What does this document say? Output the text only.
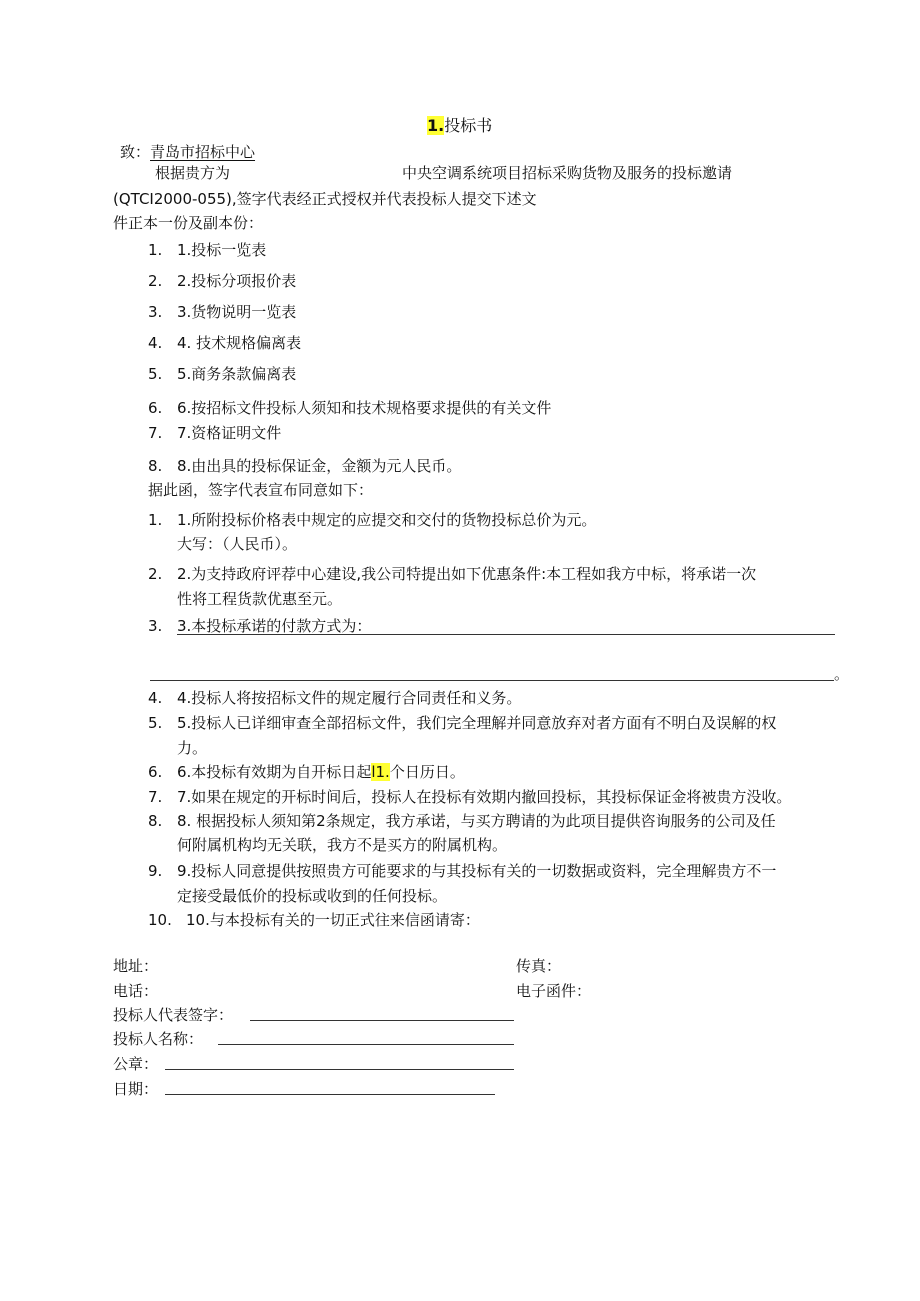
1.投标书
致：青岛市招标中心
根据贵方为	中央空调系统项目招标采购货物及服务的投标邀请
(QTCI2000-055),签字代表经正式授权并代表投标人提交下述文
件正本一份及副本份：
1. 1.投标一览表
2. 2.投标分项报价表
3. 3.货物说明一览表
4. 4. 技术规格偏离表
5. 5.商务条款偏离表
6. 6.按招标文件投标人须知和技术规格要求提供的有关文件
7. 7.资格证明文件
8. 8.由出具的投标保证金，金额为元人民币。
据此函，签字代表宣布同意如下：
1. 1.所附投标价格表中规定的应提交和交付的货物投标总价为元。
大写：（人民币）。
2. 2.为支持政府评荐中心建设,我公司特提出如下优惠条件:本工程如我方中标，将承诺一次
性将工程货款优惠至元。
3. 3.本投标承诺的付款方式为：
。
4. 4.投标人将按招标文件的规定履行合同责任和义务。
5. 5.投标人已详细审查全部招标文件，我们完全理解并同意放弃对者方面有不明白及误解的权
力。
6. 6.本投标有效期为自开标日起l1.个日历日。
7. 7.如果在规定的开标时间后，投标人在投标有效期内撤回投标，其投标保证金将被贵方没收。
8. 8. 根据投标人须知第2条规定，我方承诺，与买方聘请的为此项目提供咨询服务的公司及任
何附属机构均无关联，我方不是买方的附属机构。
9. 9.投标人同意提供按照贵方可能要求的与其投标有关的一切数据或资料，完全理解贵方不一
定接受最低价的投标或收到的任何投标。
10. 10.与本投标有关的一切正式往来信函请寄：
地址：	传真：
电话：	电子函件：
投标人代表签字：
投标人名称：
公章：
日期：
